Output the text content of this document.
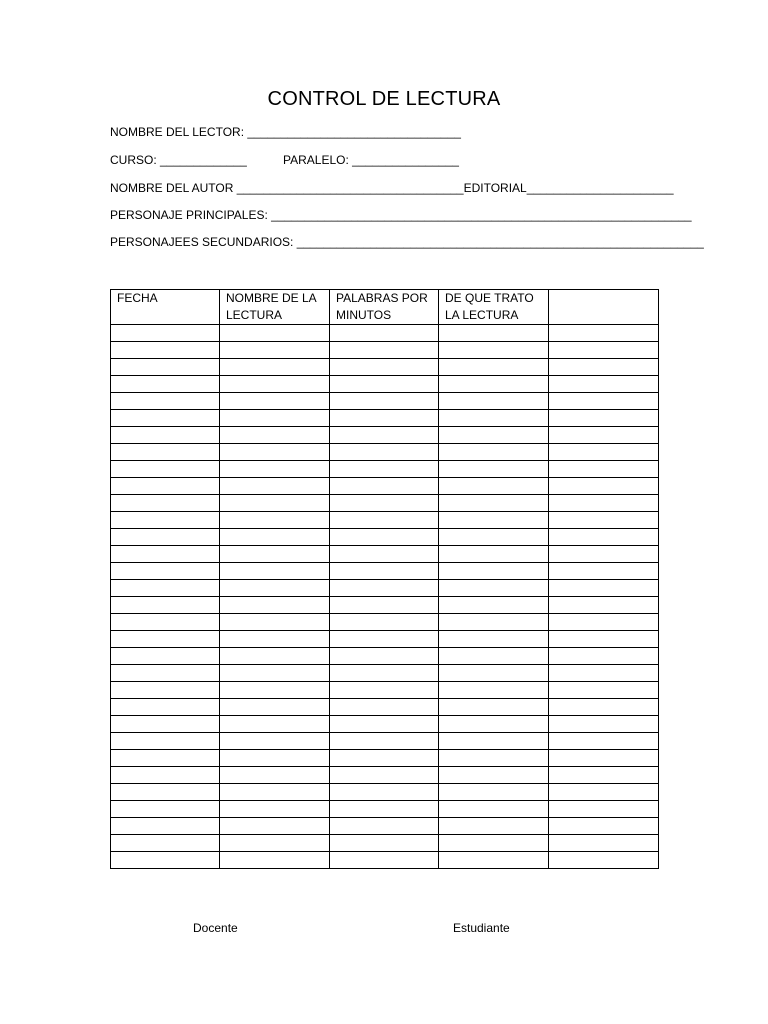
CONTROL DE LECTURA
NOMBRE DEL LECTOR: ________________________________
CURSO: _____________	PARALELO: ________________
NOMBRE DEL AUTOR __________________________________EDITORIAL______________________
PERSONAJE PRINCIPALES: _______________________________________________________________
PERSONAJEES SECUNDARIOS: _____________________________________________________________
FECHA	NOMBRE DE LA LECTURA	PALABRAS POR MINUTOS	DE QUE TRATO LA LECTURA	

Docente	Estudiante
